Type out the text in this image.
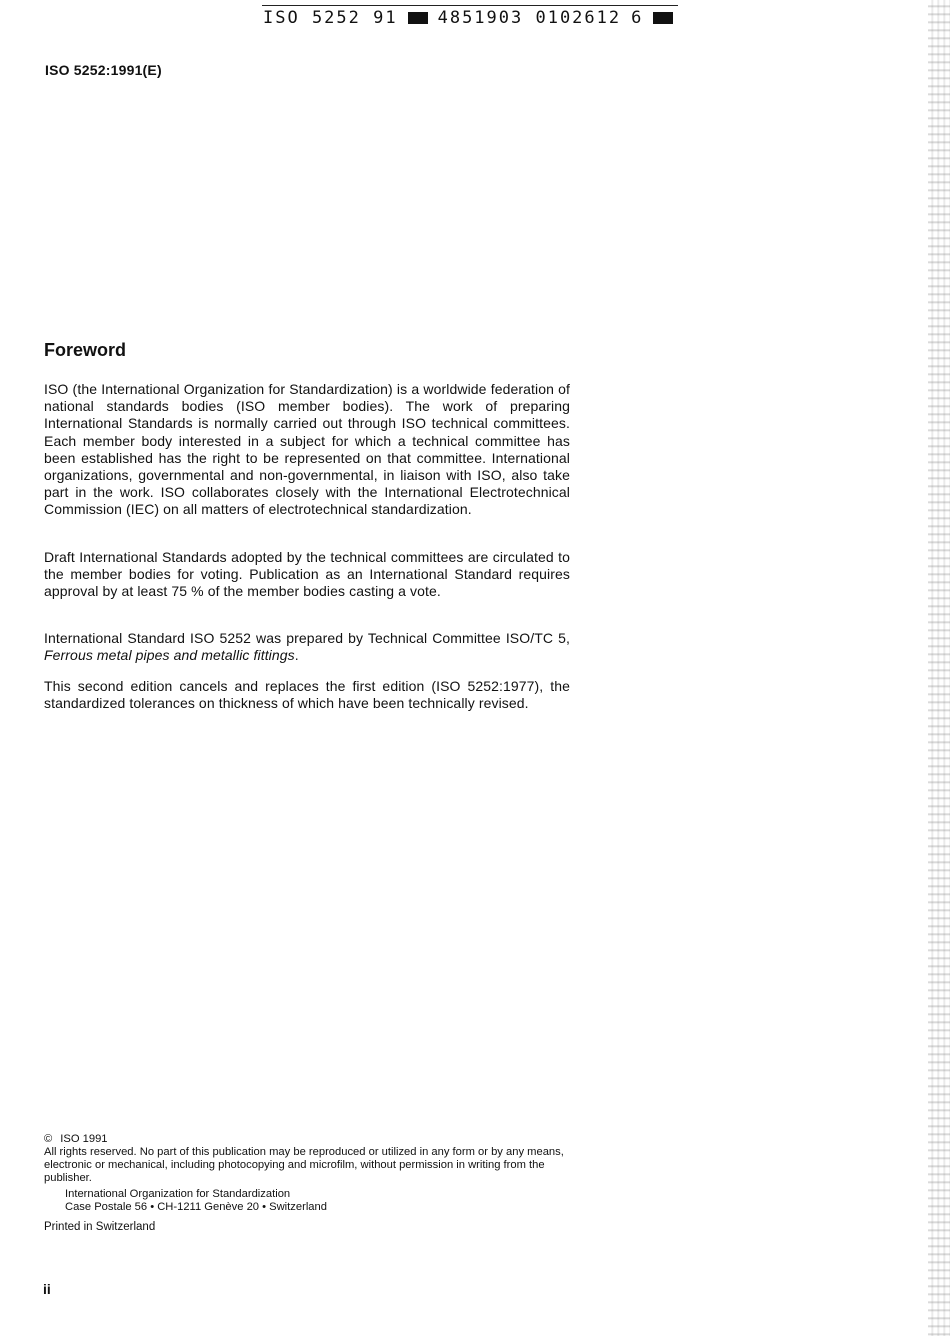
ISO 5252 91 4851903 0102612 6
ISO 5252:1991(E)
Foreword
ISO (the International Organization for Standardization) is a worldwide federation of national standards bodies (ISO member bodies). The work of preparing International Standards is normally carried out through ISO technical committees. Each member body interested in a subject for which a technical committee has been established has the right to be represented on that committee. International organizations, governmental and non-governmental, in liaison with ISO, also take part in the work. ISO collaborates closely with the International Electrotechnical Commission (IEC) on all matters of electrotechnical standardization.
Draft International Standards adopted by the technical committees are circulated to the member bodies for voting. Publication as an International Standard requires approval by at least 75 % of the member bodies casting a vote.
International Standard ISO 5252 was prepared by Technical Committee ISO/TC 5, Ferrous metal pipes and metallic fittings.
This second edition cancels and replaces the first edition (ISO 5252:1977), the standardized tolerances on thickness of which have been technically revised.
© ISO 1991
All rights reserved. No part of this publication may be reproduced or utilized in any form or by any means, electronic or mechanical, including photocopying and microfilm, without permission in writing from the publisher.
International Organization for Standardization
Case Postale 56 • CH-1211 Genève 20 • Switzerland
Printed in Switzerland
ii
